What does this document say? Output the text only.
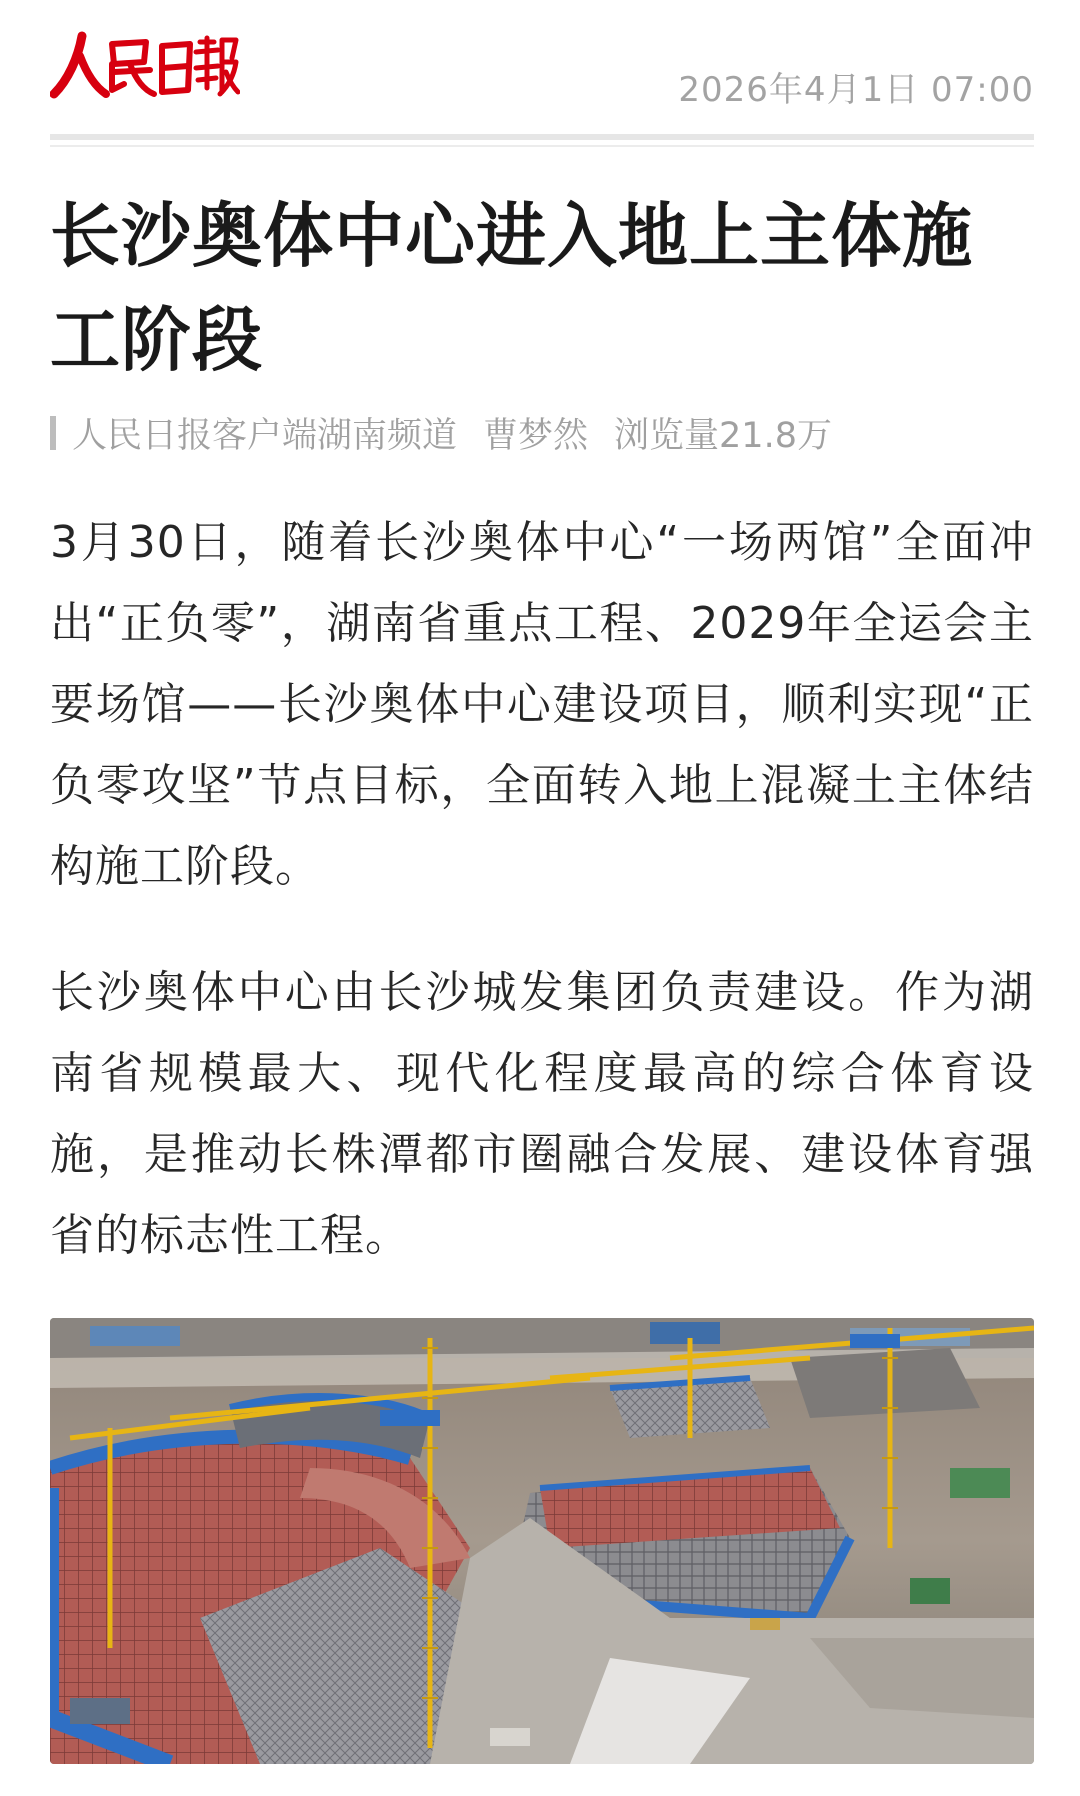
2026年4月1日 07:00
长沙奥体中心进入地上主体施工阶段
人民日报客户端湖南频道 曹梦然 浏览量21.8万

3月30日，随着长沙奥体中心“一场两馆”全面冲出“正负零”，湖南省重点工程、2029年全运会主要场馆——长沙奥体中心建设项目，顺利实现“正负零攻坚”节点目标，全面转入地上混凝土主体结构施工阶段。

长沙奥体中心由长沙城发集团负责建设。作为湖南省规模最大、现代化程度最高的综合体育设施，是推动长株潭都市圈融合发展、建设体育强省的标志性工程。
